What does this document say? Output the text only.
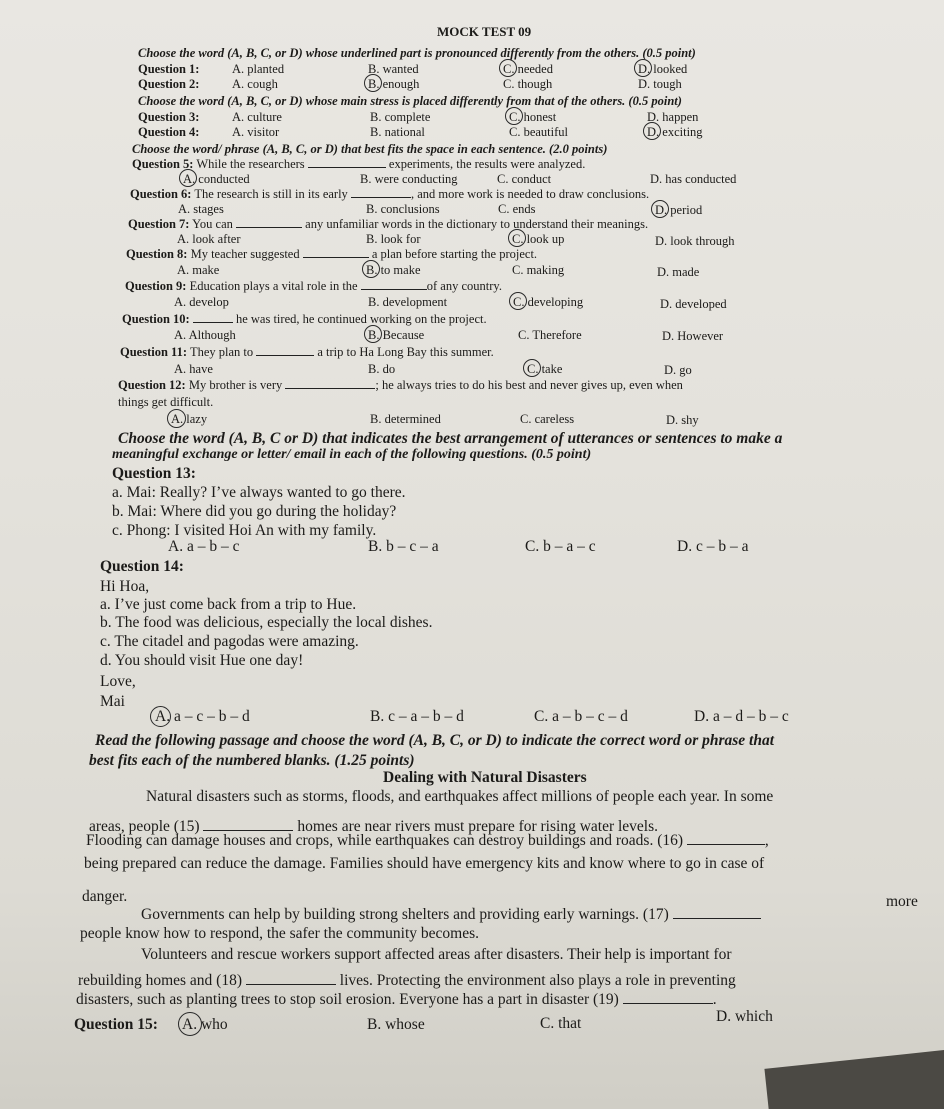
MOCK TEST 09
Choose the word (A, B, C, or D) whose underlined part is pronounced differently from the others. (0.5 point)
Question 1:	A. planted	B. wanted	C. needed	D. looked
Question 2:	A. cough	B. enough	C. though	D. tough
Choose the word (A, B, C, or D) whose main stress is placed differently from that of the others. (0.5 point)
Question 3:	A. culture	B. complete	C. honest	D. happen
Question 4:	A. visitor	B. national	C. beautiful	D. exciting
Choose the word/ phrase (A, B, C, or D) that best fits the space in each sentence. (2.0 points)
Question 5: While the researchers	experiments, the results were analyzed.
A. conducted	B. were conducting	C. conduct	D. has conducted
Question 6: The research is still in its early	, and more work is needed to draw conclusions.
A. stages	B. conclusions	C. ends	D. period
Question 7: You can	any unfamiliar words in the dictionary to understand their meanings.
A. look after	B. look for	C. look up	D. look through
Question 8: My teacher suggested	a plan before starting the project.
A. make	B. to make	C. making	D. made
Question 9: Education plays a vital role in the	of any country.
A. develop	B. development	C. developing	D. developed
Question 10:	he was tired, he continued working on the project.
A. Although	B. Because	C. Therefore	D. However
Question 11: They plan to	a trip to Ha Long Bay this summer.
A. have	B. do	C. take	D. go
Question 12: My brother is very	; he always tries to do his best and never gives up, even when
things get difficult.
A. lazy	B. determined	C. careless	D. shy
Choose the word (A, B, C or D) that indicates the best arrangement of utterances or sentences to make a
meaningful exchange or letter/ email in each of the following questions. (0.5 point)
Question 13:
a. Mai: Really? I’ve always wanted to go there.
b. Mai: Where did you go during the holiday?
c. Phong: I visited Hoi An with my family.
A. a – b – c	B. b – c – a	C. b – a – c	D. c – b – a
Question 14:
Hi Hoa,
a. I’ve just come back from a trip to Hue.
b. The food was delicious, especially the local dishes.
c. The citadel and pagodas were amazing.
d. You should visit Hue one day!
Love,
Mai
A. a – c – b – d	B. c – a – b – d	C. a – b – c – d	D. a – d – b – c
Read the following passage and choose the word (A, B, C, or D) to indicate the correct word or phrase that
best fits each of the numbered blanks. (1.25 points)
Dealing with Natural Disasters
Natural disasters such as storms, floods, and earthquakes affect millions of people each year. In some
areas, people (15)	homes are near rivers must prepare for rising water levels.
Flooding can damage houses and crops, while earthquakes can destroy buildings and roads. (16)	,
being prepared can reduce the damage. Families should have emergency kits and know where to go in case of
danger.
Governments can help by building strong shelters and providing early warnings. (17)
more
people know how to respond, the safer the community becomes.
Volunteers and rescue workers support affected areas after disasters. Their help is important for
rebuilding homes and (18)	lives. Protecting the environment also plays a role in preventing
disasters, such as planting trees to stop soil erosion. Everyone has a part in disaster (19)	.
Question 15: A. who	B. whose	C. that	D. which
